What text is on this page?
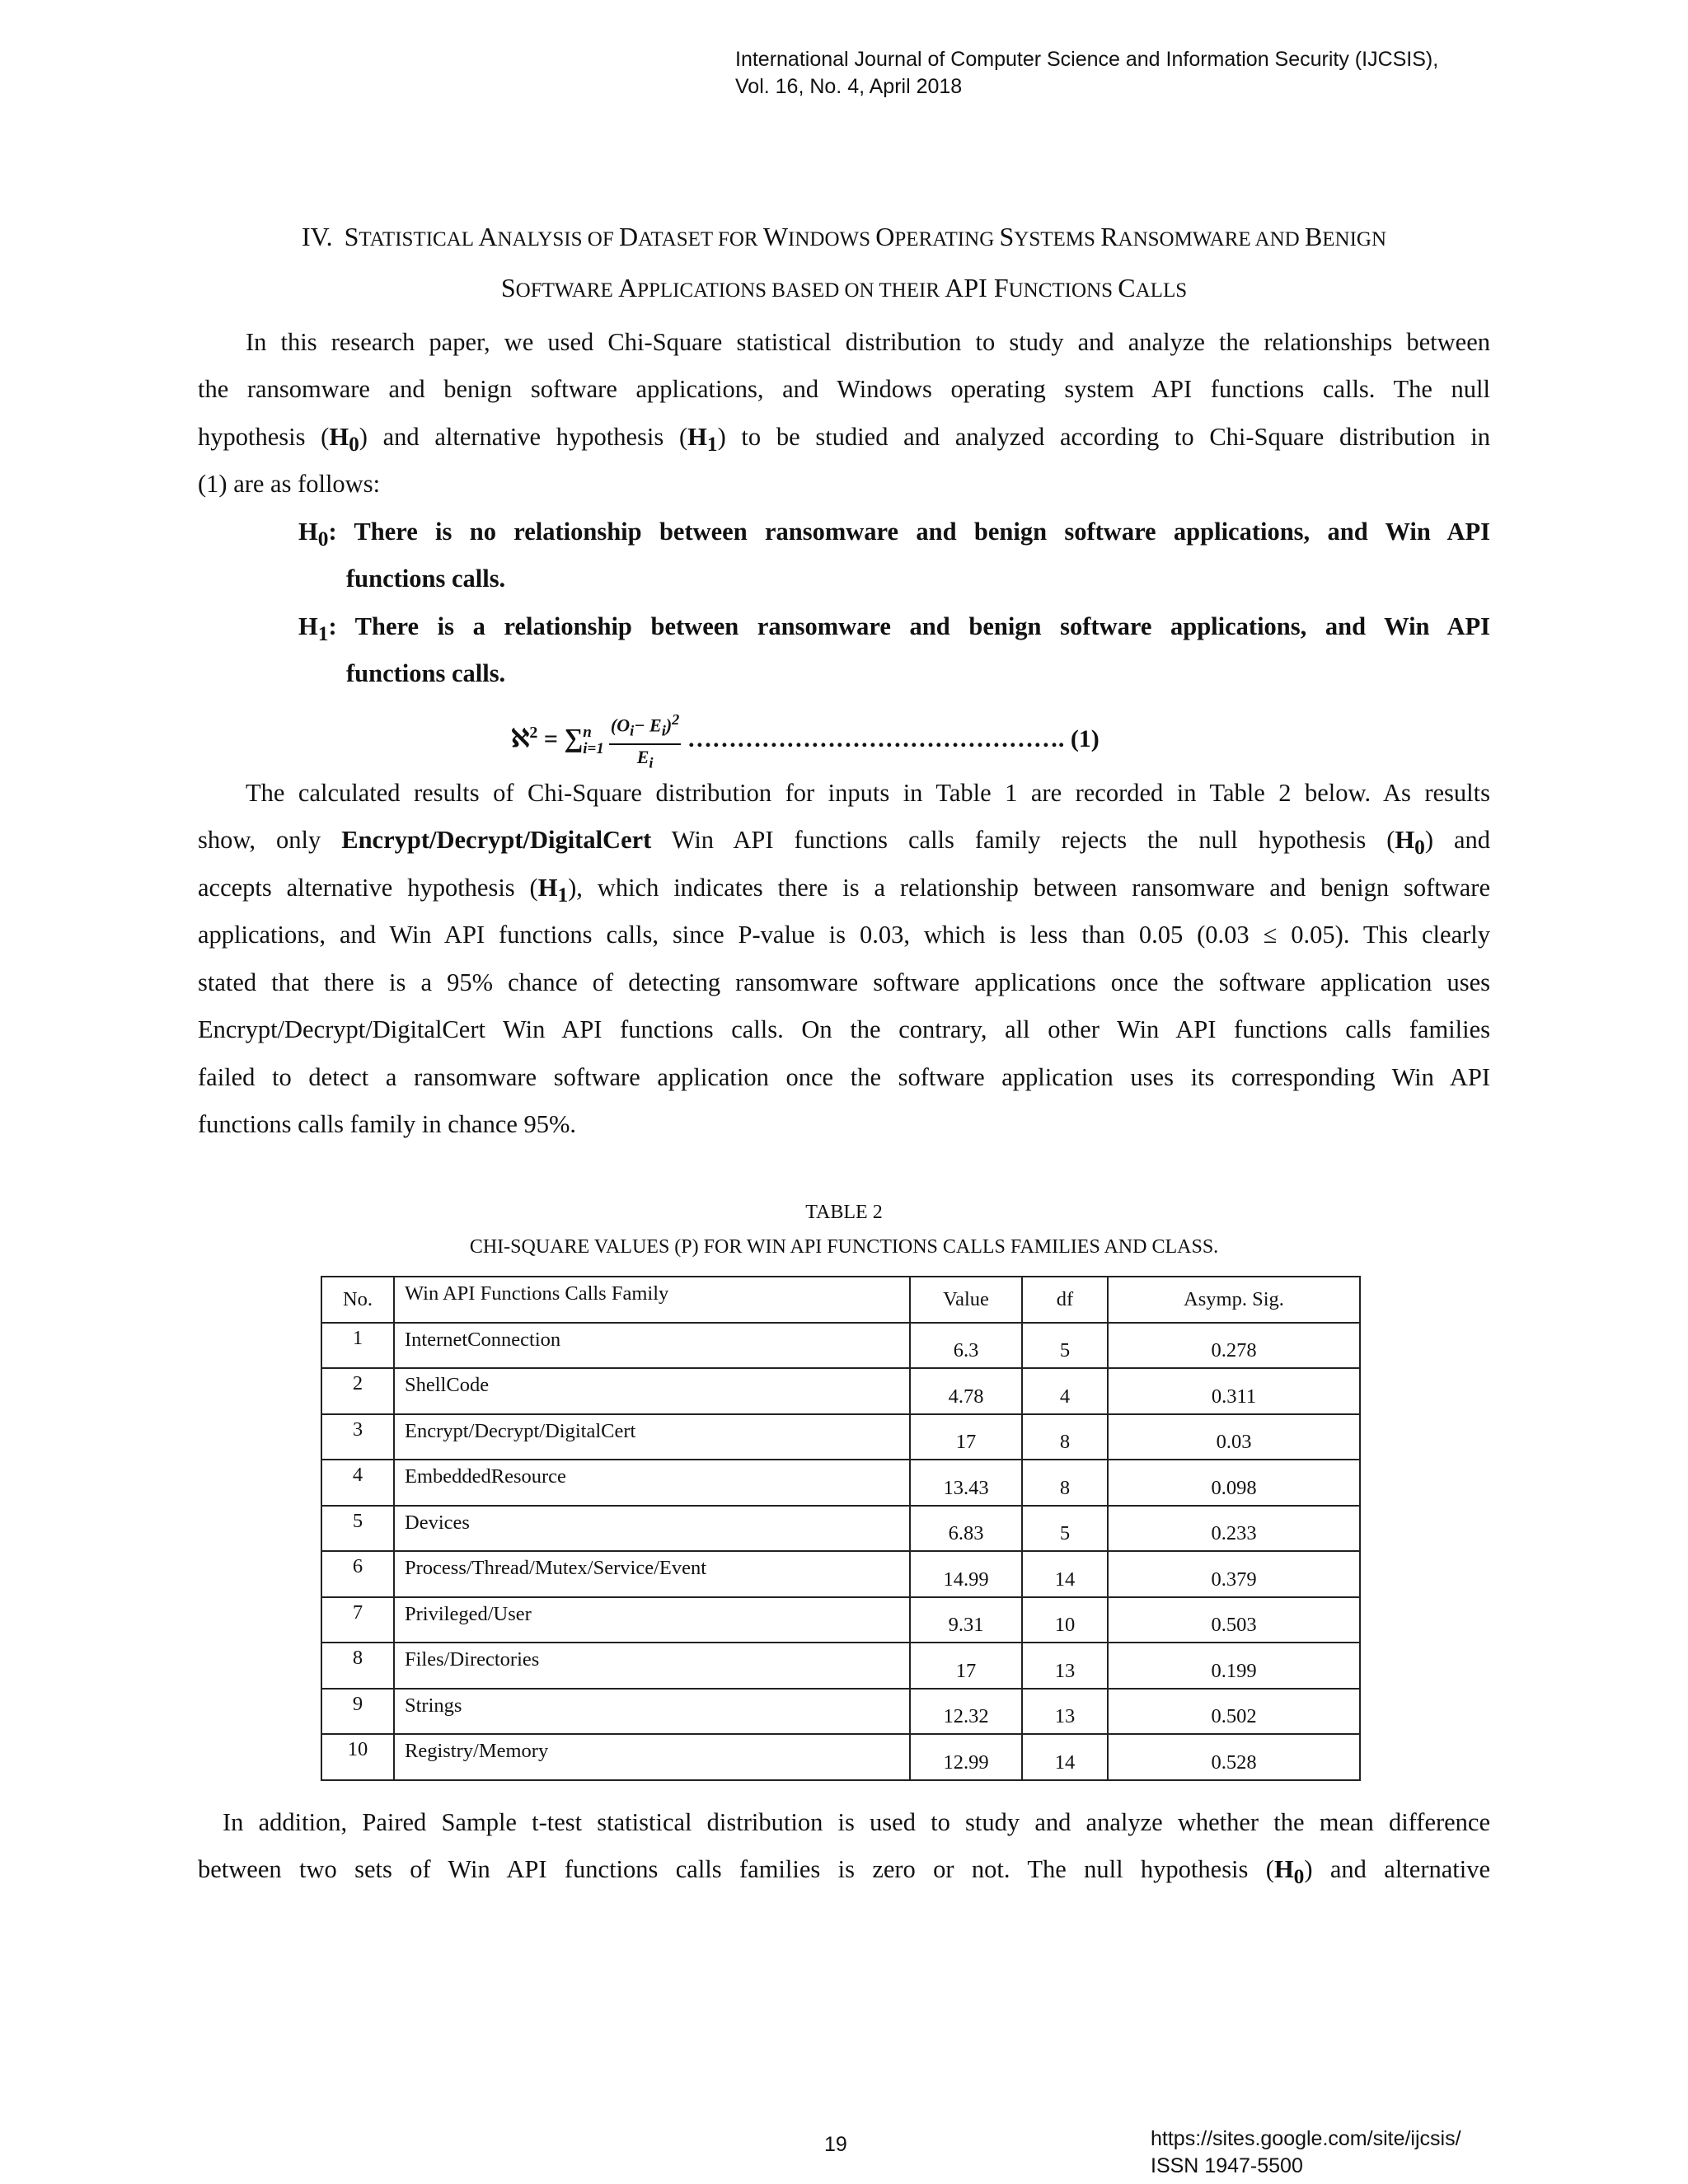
International Journal of Computer Science and Information Security (IJCSIS),
Vol. 16, No. 4, April 2018
IV. STATISTICAL ANALYSIS OF DATASET FOR WINDOWS OPERATING SYSTEMS RANSOMWARE AND BENIGN
SOFTWARE APPLICATIONS BASED ON THEIR API FUNCTIONS CALLS

In this research paper, we used Chi-Square statistical distribution to study and analyze the relationships between

the ransomware and benign software applications, and Windows operating system API functions calls. The null

hypothesis $(H_0)$ and alternative hypothesis $(H_1)$ to be studied and analyzed according to Chi-Square distribution in

(1) are as follows:

$H_0$: There is no relationship between ransomware and benign software applications, and Win API

functions calls.

$H_1$: There is a relationship between ransomware and benign software applications, and Win API

functions calls.

ℵ$^2$ = ∑ n
$i=1 \frac{(O_i- E_i)^2}{E_i}$ ………………………………………. (1)

The calculated results of Chi-Square distribution for inputs in Table 1 are recorded in Table 2 below. As results

show, only Encrypt/Decrypt/DigitalCert Win API functions calls family rejects the null hypothesis $(H_0)$ and

accepts alternative hypothesis $(H_1)$, which indicates there is a relationship between ransomware and benign software

applications, and Win API functions calls, since P-value is 0.03, which is less than 0.05 (0.03 ≤ 0.05). This clearly

stated that there is a 95% chance of detecting ransomware software applications once the software application uses

Encrypt/Decrypt/DigitalCert Win API functions calls. On the contrary, all other Win API functions calls families

failed to detect a ransomware software application once the software application uses its corresponding Win API

functions calls family in chance 95%.

TABLE 2
CHI-SQUARE VALUES (P) FOR WIN API FUNCTIONS CALLS FAMILIES AND CLASS.
No.	Win API Functions Calls Family	Value	df	Asymp. Sig.
1	InternetConnection	6.3	5	0.278
2	ShellCode	4.78	4	0.311
3	Encrypt/Decrypt/DigitalCert	17	8	0.03
4	EmbeddedResource	13.43	8	0.098
5	Devices	6.83	5	0.233
6	Process/Thread/Mutex/Service/Event	14.99	14	0.379
7	Privileged/User	9.31	10	0.503
8	Files/Directories	17	13	0.199
9	Strings	12.32	13	0.502
10	Registry/Memory	12.99	14	0.528

In addition, Paired Sample t-test statistical distribution is used to study and analyze whether the mean difference

between two sets of Win API functions calls families is zero or not. The null hypothesis $(H_0)$ and alternative

19	https://sites.google.com/site/ijcsis/
ISSN 1947-5500
